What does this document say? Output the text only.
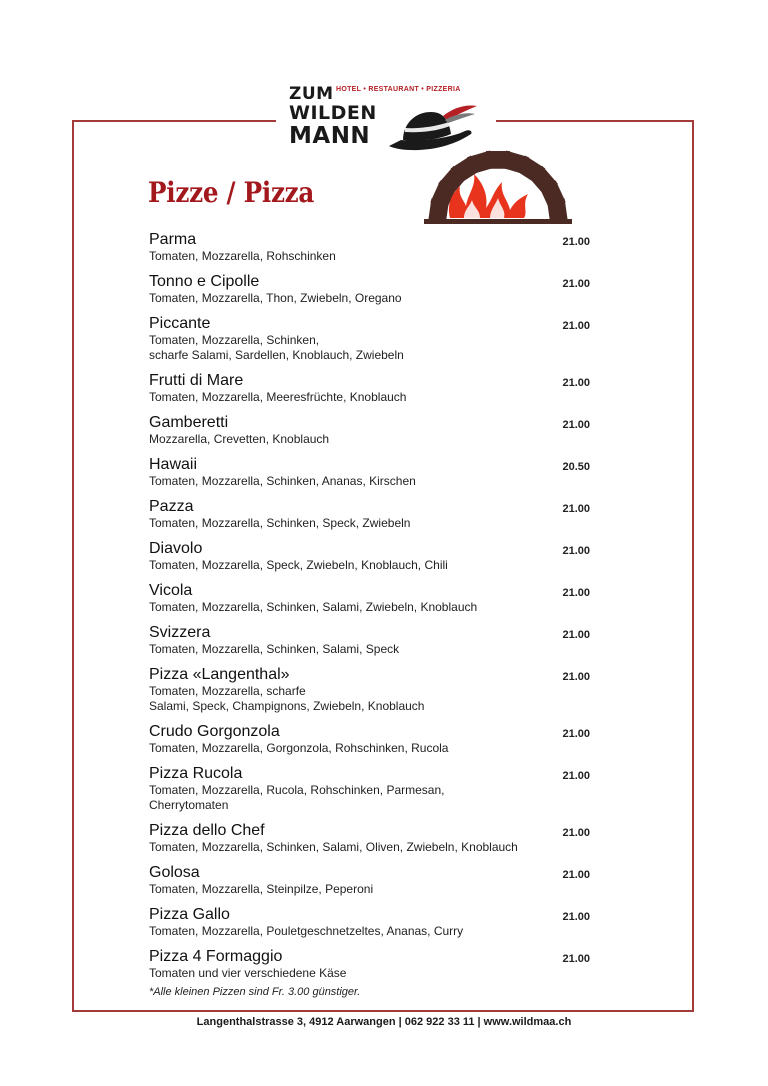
ZUM HOTEL • RESTAURANT • PIZZERIA
WILDEN
MANN
Pizze / Pizza
Parma
Tomaten, Mozzarella, Rohschinken
21.00
Tonno e Cipolle
Tomaten, Mozzarella, Thon, Zwiebeln, Oregano
21.00
Piccante
Tomaten, Mozzarella, Schinken,
scharfe Salami, Sardellen, Knoblauch, Zwiebeln
21.00
Frutti di Mare
Tomaten, Mozzarella, Meeresfrüchte, Knoblauch
21.00
Gamberetti
Mozzarella, Crevetten, Knoblauch
21.00
Hawaii
Tomaten, Mozzarella, Schinken, Ananas, Kirschen
20.50
Pazza
Tomaten, Mozzarella, Schinken, Speck, Zwiebeln
21.00
Diavolo
Tomaten, Mozzarella, Speck, Zwiebeln, Knoblauch, Chili
21.00
Vicola
Tomaten, Mozzarella, Schinken, Salami, Zwiebeln, Knoblauch
21.00
Svizzera
Tomaten, Mozzarella, Schinken, Salami, Speck
21.00
Pizza «Langenthal»
Tomaten, Mozzarella, scharfe
Salami, Speck, Champignons, Zwiebeln, Knoblauch
21.00
Crudo Gorgonzola
Tomaten, Mozzarella, Gorgonzola, Rohschinken, Rucola
21.00
Pizza Rucola
Tomaten, Mozzarella, Rucola, Rohschinken, Parmesan,
Cherrytomaten
21.00
Pizza dello Chef
Tomaten, Mozzarella, Schinken, Salami, Oliven, Zwiebeln, Knoblauch
21.00
Golosa
Tomaten, Mozzarella, Steinpilze, Peperoni
21.00
Pizza Gallo
Tomaten, Mozzarella, Pouletgeschnetzeltes, Ananas, Curry
21.00
Pizza 4 Formaggio
Tomaten und vier verschiedene Käse
21.00
*Alle kleinen Pizzen sind Fr. 3.00 günstiger.
Langenthalstrasse 3, 4912 Aarwangen | 062 922 33 11 | www.wildmaa.ch
